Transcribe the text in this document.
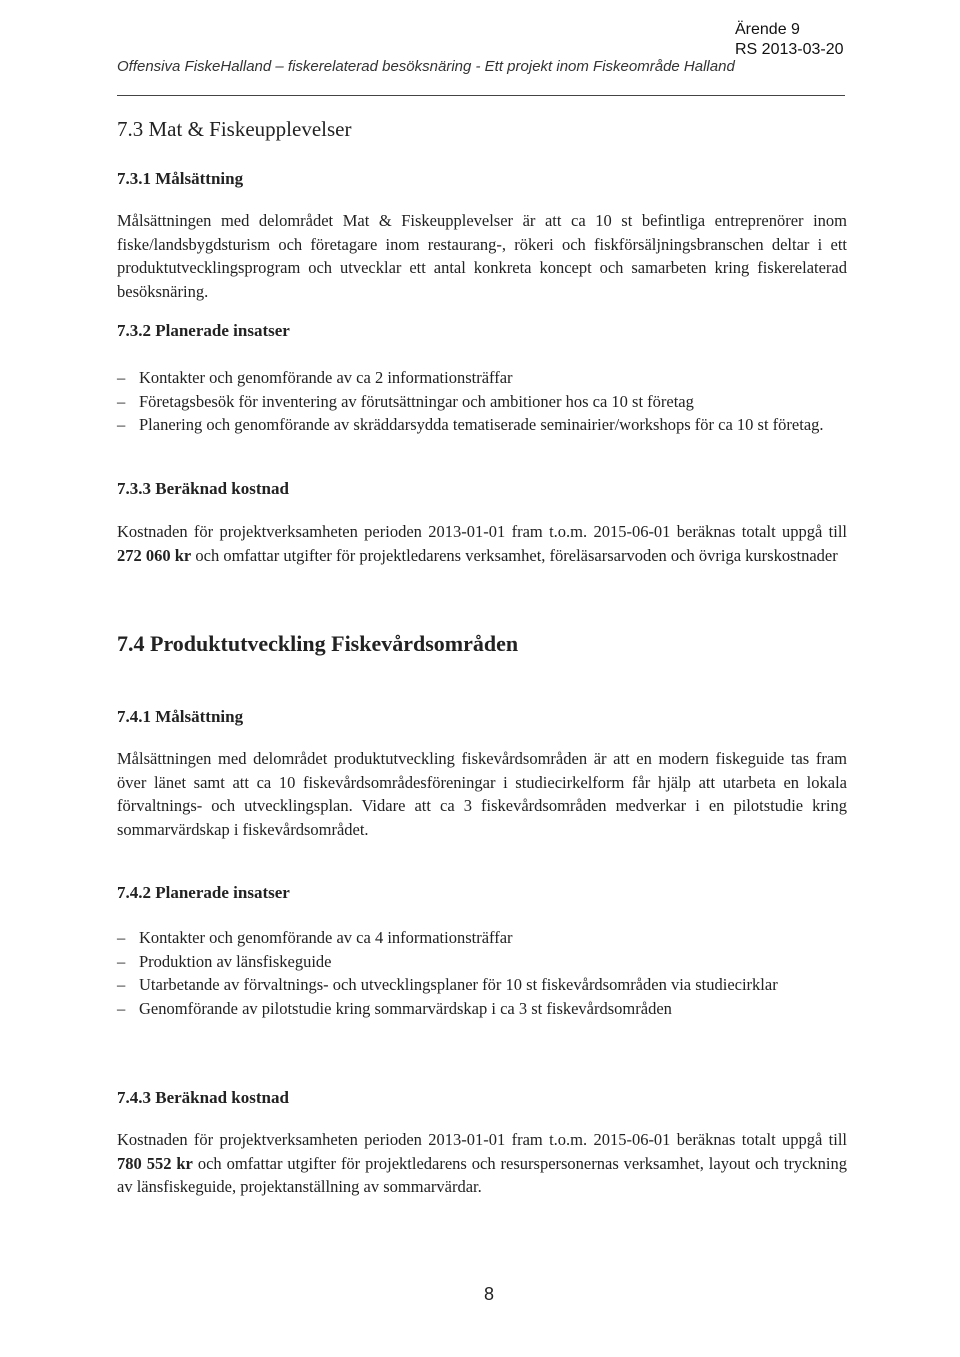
Ärende 9
RS 2013-03-20
Offensiva FiskeHalland – fiskerelaterad besöksnäring - Ett projekt inom Fiskeområde Halland
7.3 Mat & Fiskeupplevelser
7.3.1 Målsättning

Målsättningen med delområdet Mat & Fiskeupplevelser är att ca 10 st befintliga entreprenörer inom fiske/landsbygdsturism och företagare inom restaurang-, rökeri och fiskförsäljningsbranschen deltar i ett produktutvecklingsprogram och utvecklar ett antal konkreta koncept och samarbeten kring fiskerelaterad besöksnäring.

7.3.2 Planerade insatser
– Kontakter och genomförande av ca 2 informationsträffar
– Företagsbesök för inventering av förutsättningar och ambitioner hos ca 10 st företag
– Planering och genomförande av skräddarsydda tematiserade seminairier/workshops för ca 10 st företag.
7.3.3 Beräknad kostnad

Kostnaden för projektverksamheten perioden 2013-01-01 fram t.o.m. 2015-06-01 beräknas totalt uppgå till 272 060 kr och omfattar utgifter för projektledarens verksamhet, föreläsarsarvoden och övriga kurskostnader

7.4 Produktutveckling Fiskevårdsområden
7.4.1 Målsättning

Målsättningen med delområdet produktutveckling fiskevårdsområden är att en modern fiskeguide tas fram över länet samt att ca 10 fiskevårdsområdesföreningar i studiecirkelform får hjälp att utarbeta en lokala förvaltnings- och utvecklingsplan. Vidare att ca 3 fiskevårdsområden medverkar i en pilotstudie kring sommarvärdskap i fiskevårdsområdet.

7.4.2 Planerade insatser
– Kontakter och genomförande av ca 4 informationsträffar
– Produktion av länsfiskeguide
– Utarbetande av förvaltnings- och utvecklingsplaner för 10 st fiskevårdsområden via studiecirklar
– Genomförande av pilotstudie kring sommarvärdskap i ca 3 st fiskevårdsområden
7.4.3 Beräknad kostnad

Kostnaden för projektverksamheten perioden 2013-01-01 fram t.o.m. 2015-06-01 beräknas totalt uppgå till 780 552 kr och omfattar utgifter för projektledarens och resurspersonernas verksamhet, layout och tryckning av länsfiskeguide, projektanställning av sommarvärdar.

8
